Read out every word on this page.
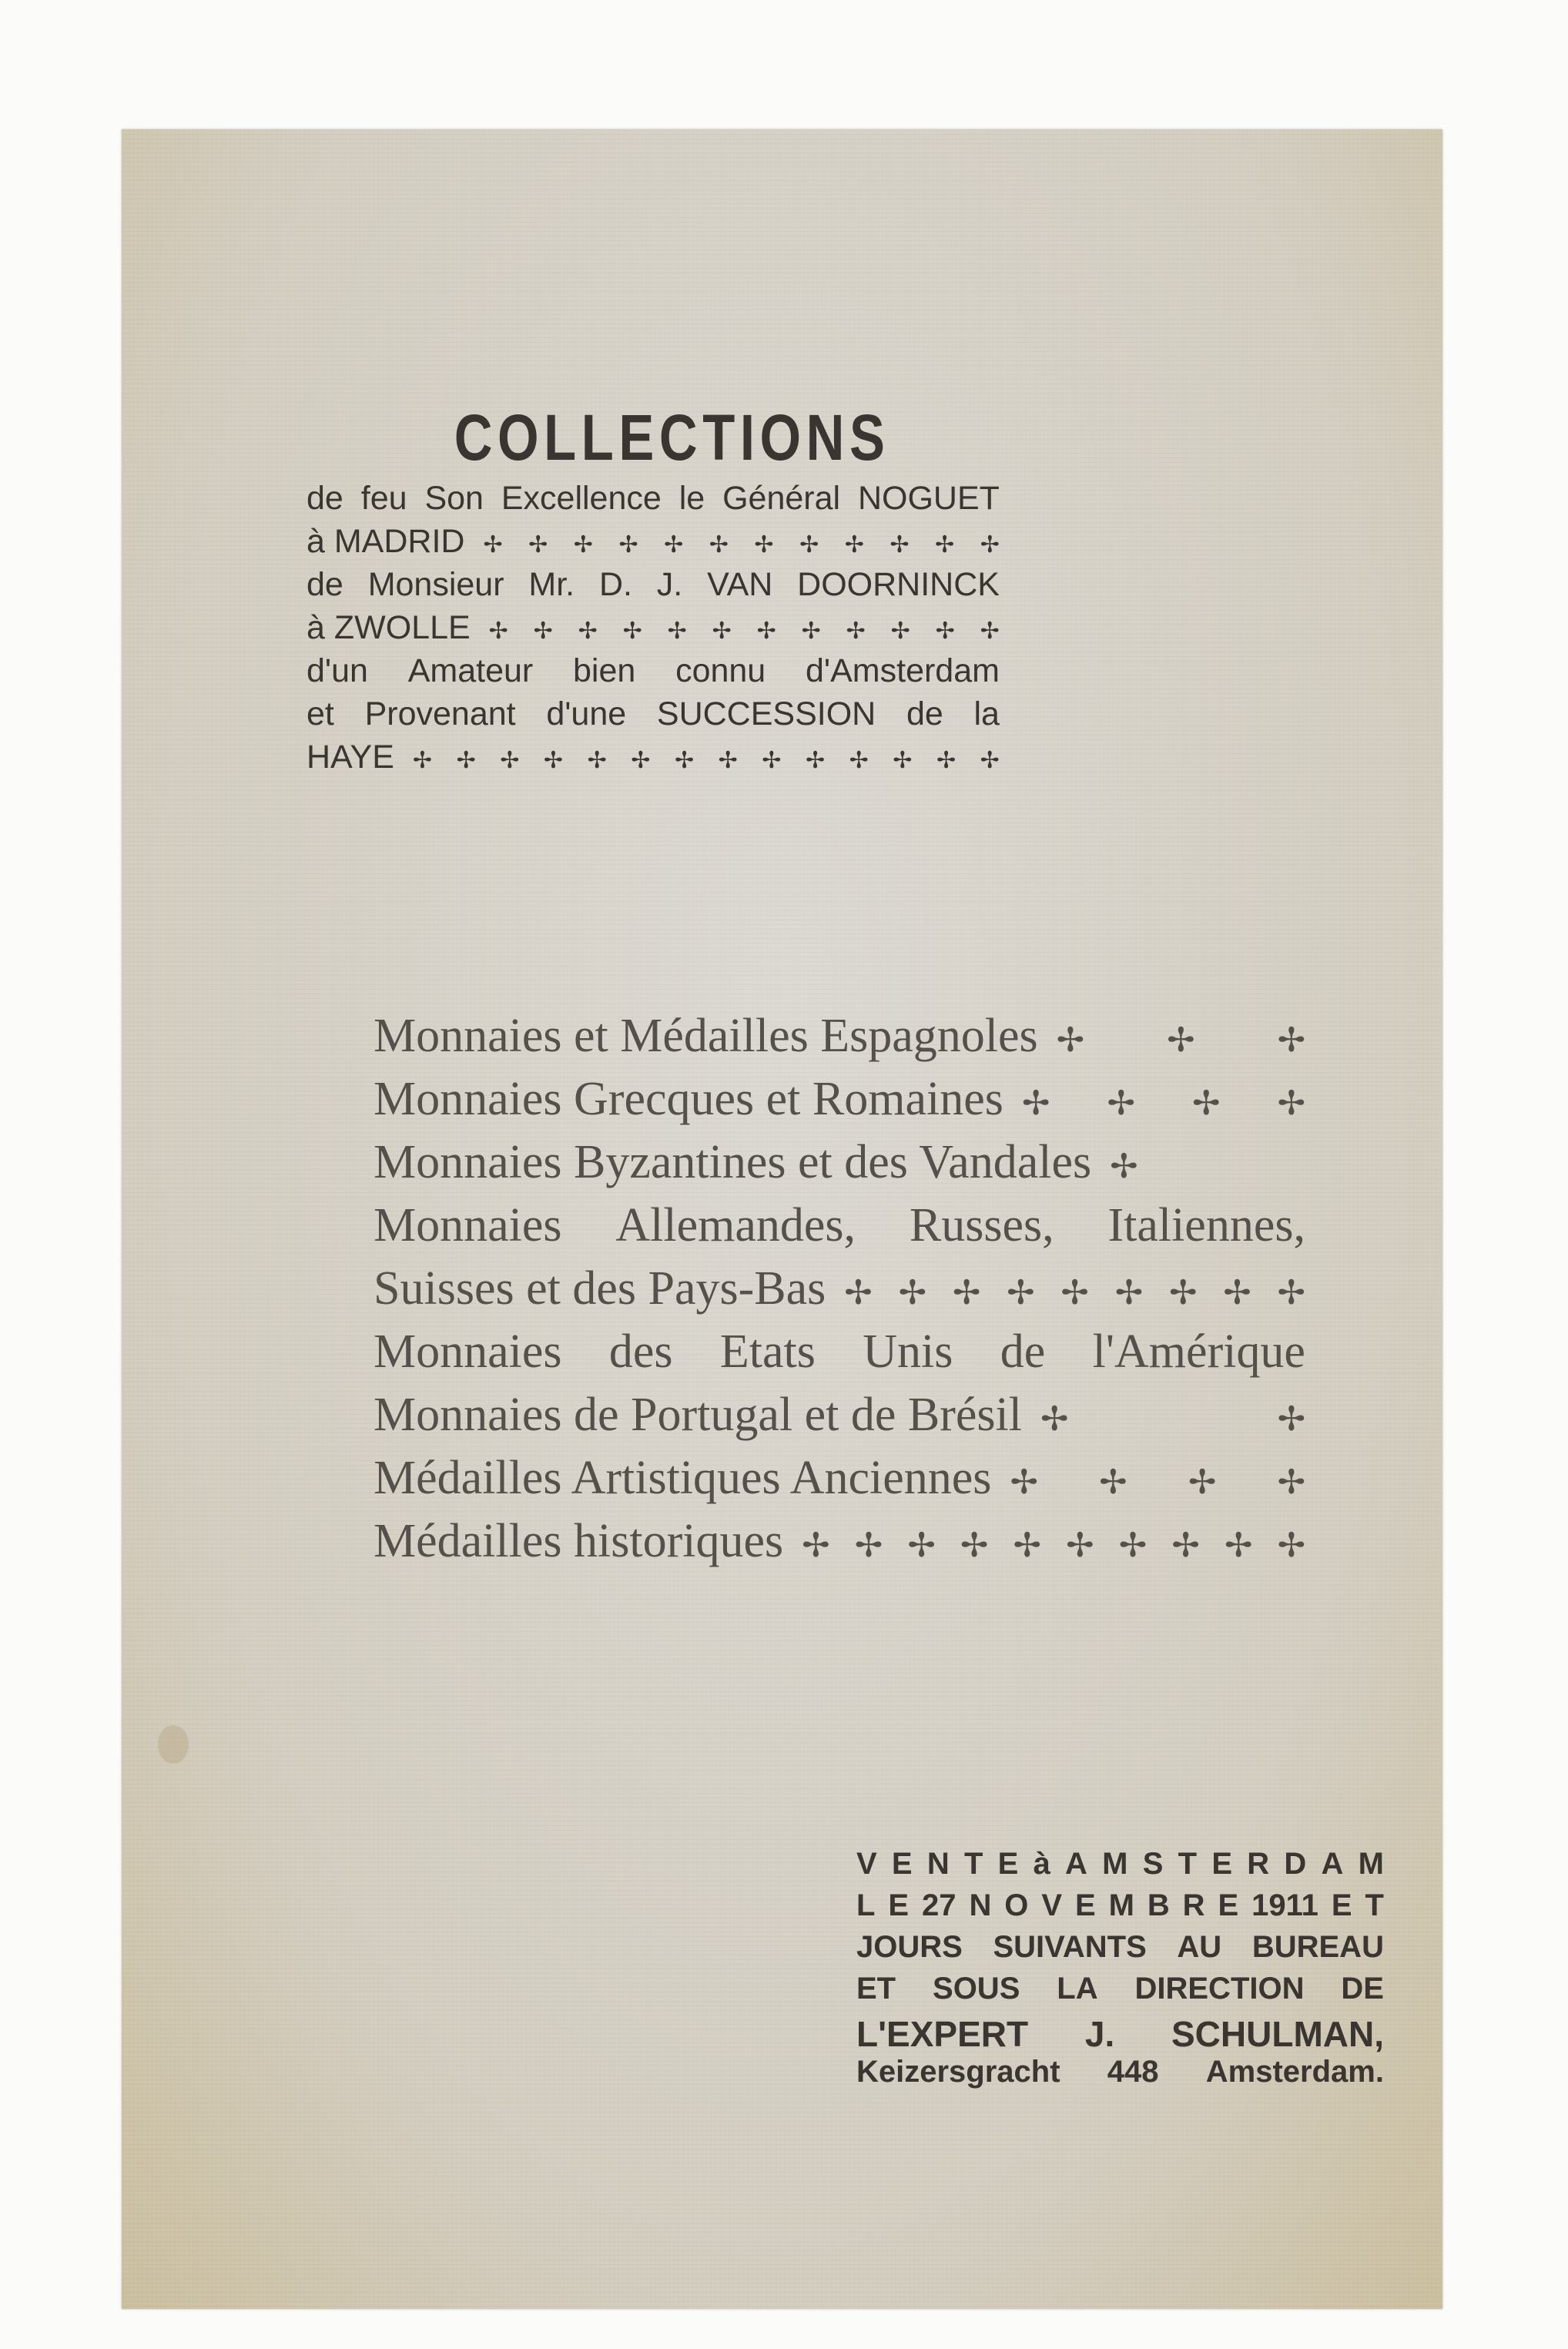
COLLECTIONS
de feu Son Excellence le Général NOGUET
à MADRID ✢ ✢ ✢ ✢ ✢ ✢ ✢ ✢ ✢ ✢ ✢ ✢
de Monsieur Mr. D. J. VAN DOORNINCK
à ZWOLLE ✢ ✢ ✢ ✢ ✢ ✢ ✢ ✢ ✢ ✢ ✢ ✢
d'un Amateur bien connu d'Amsterdam
et Provenant d'une SUCCESSION de la
HAYE ✢ ✢ ✢ ✢ ✢ ✢ ✢ ✢ ✢ ✢ ✢ ✢ ✢ ✢
Monnaies et Médailles Espagnoles ✢ ✢ ✢
Monnaies Grecques et Romaines ✢ ✢ ✢ ✢
Monnaies Byzantines et des Vandales ✢
Monnaies Allemandes, Russes, Italiennes,
Suisses et des Pays-Bas ✢ ✢ ✢ ✢ ✢ ✢ ✢ ✢ ✢
Monnaies des Etats Unis de l'Amérique
Monnaies de Portugal et de Brésil ✢	✢
Médailles Artistiques Anciennes ✢ ✢ ✢ ✢
Médailles historiques ✢ ✢ ✢ ✢ ✢ ✢ ✢ ✢ ✢ ✢
V E N T E à A M S T E R D A M
L E 27 N O V E M B R E 1911 E T
JOURS SUIVANTS AU BUREAU
ET SOUS LA DIRECTION DE
L'EXPERT J. SCHULMAN,
Keizersgracht 448 Amsterdam.
